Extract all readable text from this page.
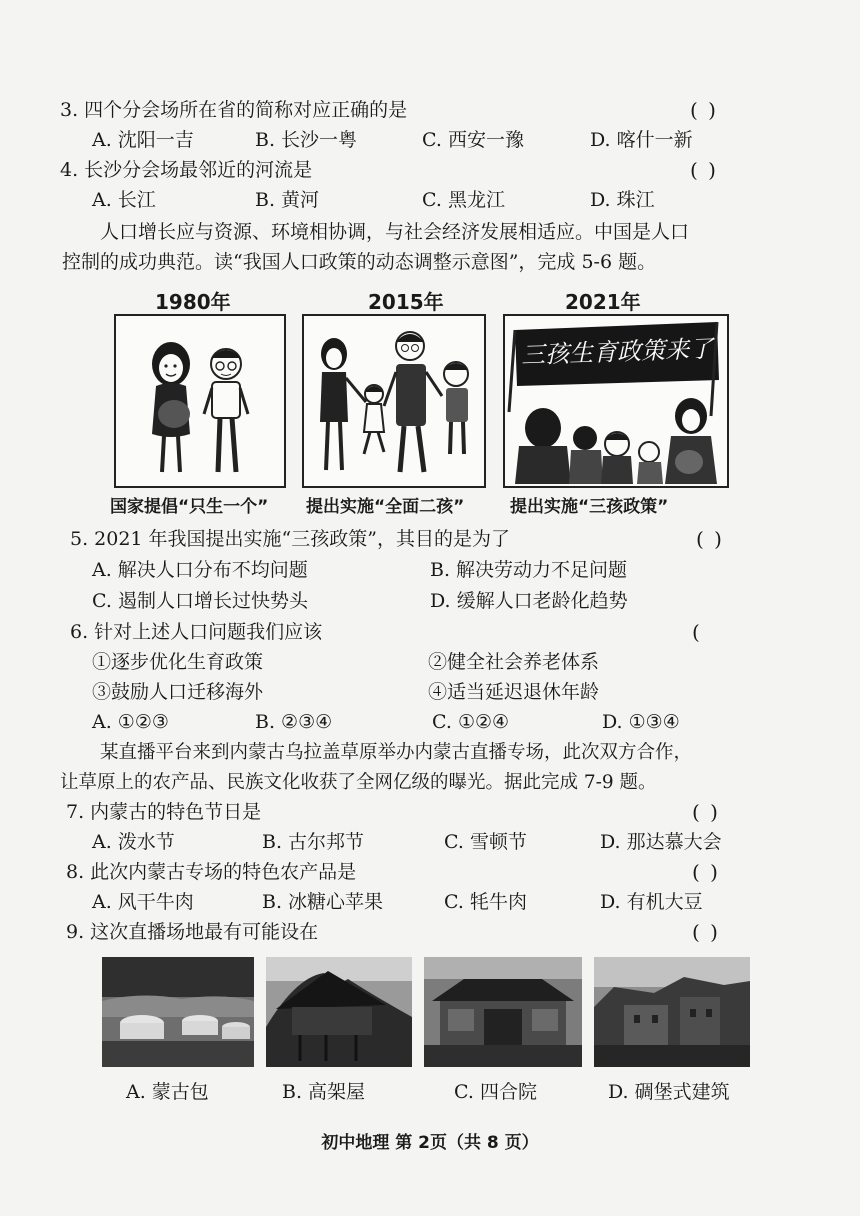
3. 四个分会场所在省的简称对应正确的是	( )
A. 沈阳一吉	B. 长沙一粤	C. 西安一豫	D. 喀什一新
4. 长沙分会场最邻近的河流是	( )
A. 长江	B. 黄河	C. 黑龙江	D. 珠江
人口增长应与资源、环境相协调，与社会经济发展相适应。中国是人口
控制的成功典范。读“我国人口政策的动态调整示意图”，完成 5-6 题。
1980年	2015年	2021年
三孩生育政策来了
国家提倡“只生一个” 提出实施“全面二孩”	提出实施“三孩政策”
5. 2021 年我国提出实施“三孩政策”，其目的是为了	( )
A. 解决人口分布不均问题	B. 解决劳动力不足问题
C. 遏制人口增长过快势头	D. 缓解人口老龄化趋势
6. 针对上述人口问题我们应该	(
①逐步优化生育政策	②健全社会养老体系
③鼓励人口迁移海外	④适当延迟退休年龄
A. ①②③	B. ②③④	C. ①②④	D. ①③④
某直播平台来到内蒙古乌拉盖草原举办内蒙古直播专场，此次双方合作，
让草原上的农产品、民族文化收获了全网亿级的曝光。据此完成 7-9 题。
7. 内蒙古的特色节日是	( )
A. 泼水节	B. 古尔邦节	C. 雪顿节	D. 那达慕大会
8. 此次内蒙古专场的特色农产品是	( )
A. 风干牛肉	B. 冰糖心苹果	C. 牦牛肉	D. 有机大豆
9. 这次直播场地最有可能设在	( )
A. 蒙古包	B. 高架屋	C. 四合院	D. 碉堡式建筑
初中地理 第 2页（共 8 页）
